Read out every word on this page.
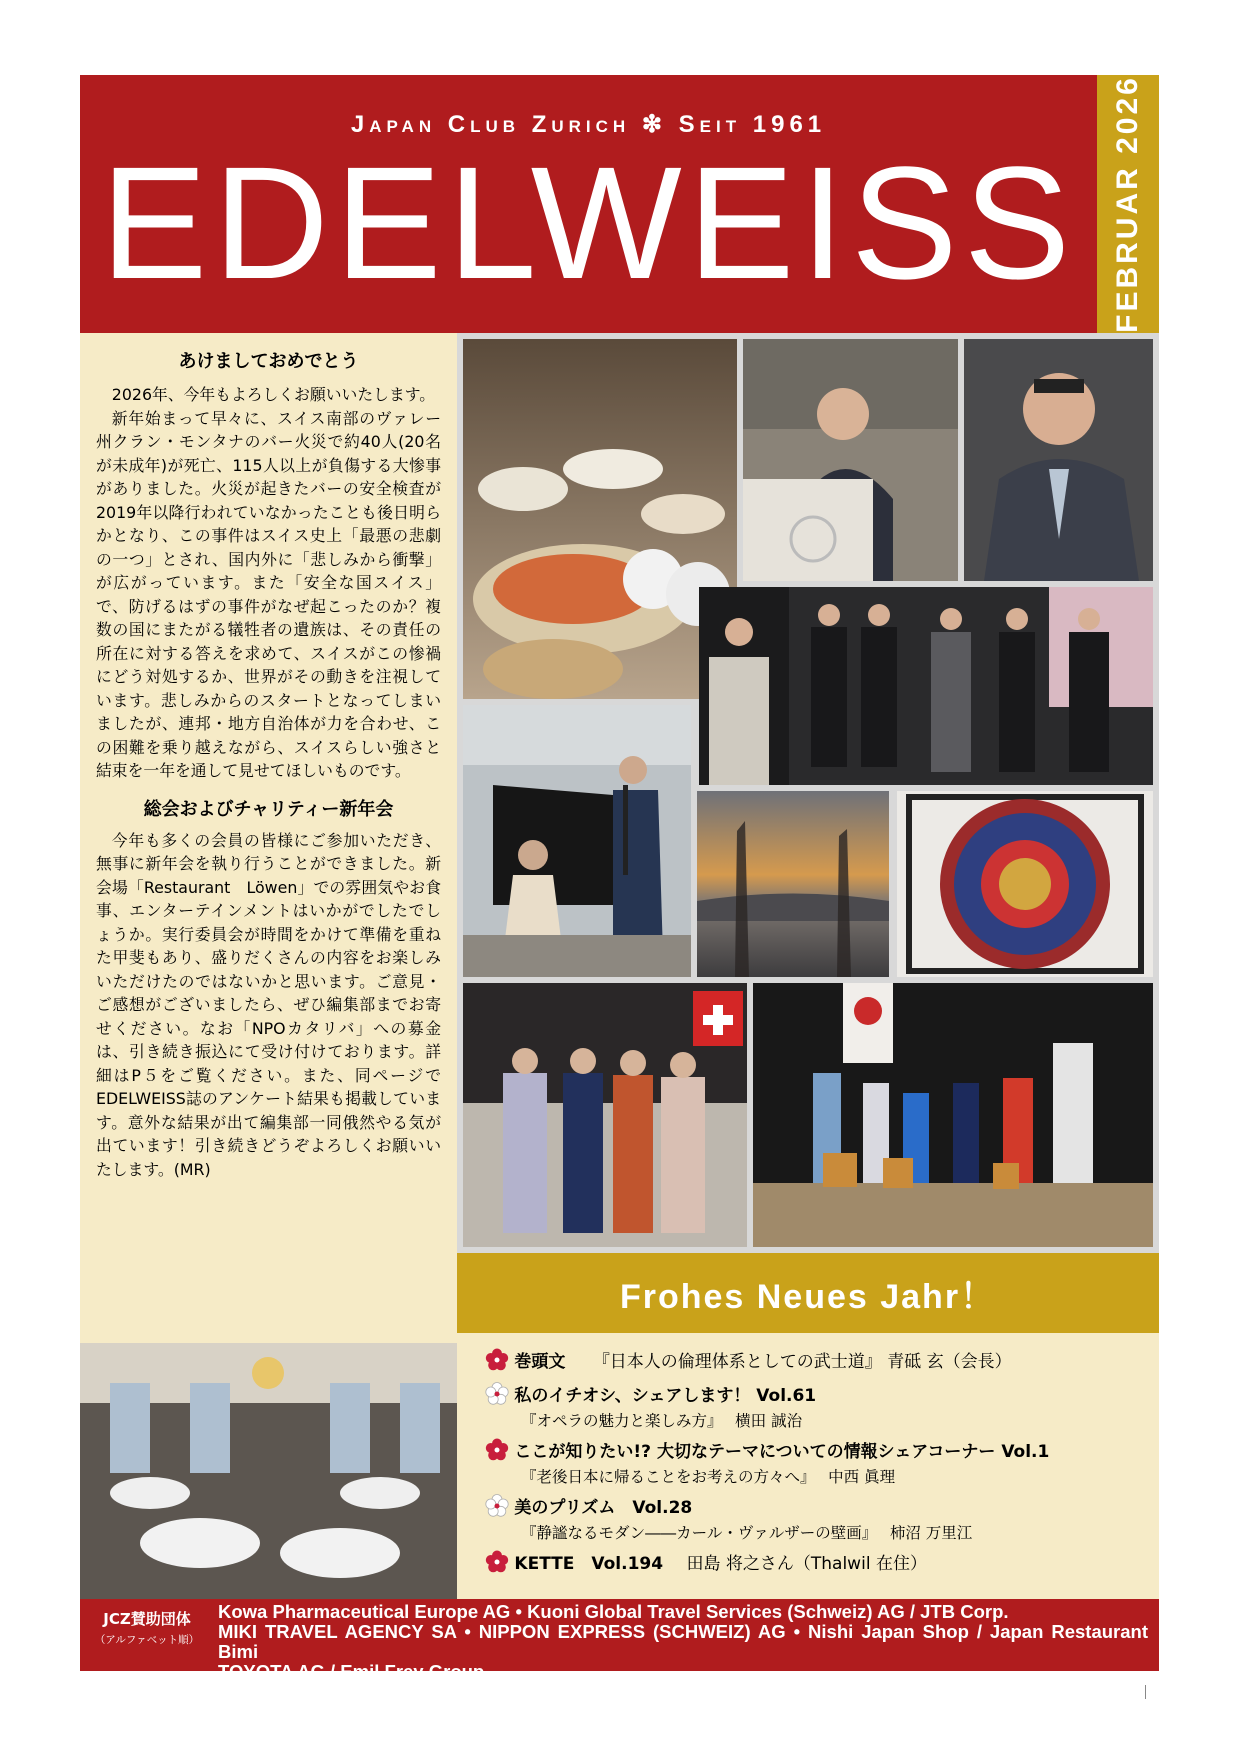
Japan Club Zurich ❇ Seit 1961
EDELWEISS	FEBRUAR 2026
あけましておめでとう

2026年、今年もよろしくお願いいたします。

新年始まって早々に、スイス南部のヴァレー州クラン・モンタナのバー火災で約40人(20名が未成年)が死亡、115人以上が負傷する大惨事がありました。火災が起きたバーの安全検査が2019年以降行われていなかったことも後日明らかとなり、この事件はスイス史上「最悪の悲劇の一つ」とされ、国内外に「悲しみから衝撃」が広がっています。また「安全な国スイス」で、防げるはずの事件がなぜ起こったのか？複数の国にまたがる犠牲者の遺族は、その責任の所在に対する答えを求めて、スイスがこの惨禍にどう対処するか、世界がその動きを注視しています。悲しみからのスタートとなってしまいましたが、連邦・地方自治体が力を合わせ、この困難を乗り越えながら、スイスらしい強さと結束を一年を通して見せてほしいものです。

総会およびチャリティー新年会

今年も多くの会員の皆様にご参加いただき、無事に新年会を執り行うことができました。新会場「Restaurant　Löwen」での雰囲気やお食事、エンターテインメントはいかがでしたでしょうか。実行委員会が時間をかけて準備を重ねた甲斐もあり、盛りだくさんの内容をお楽しみいただけたのではないかと思います。ご意見・ご感想がございましたら、ぜひ編集部までお寄せください。なお「NPOカタリバ」への募金は、引き続き振込にて受け付けております。詳細はP５をご覧ください。また、同ページでEDELWEISS誌のアンケート結果も掲載しています。意外な結果が出て編集部一同俄然やる気が出ています！引き続きどうぞよろしくお願いいたします。(MR)

Frohes Neues Jahr！
巻頭文 『日本人の倫理体系としての武士道』 青砥 玄（会長）
私のイチオシ、シェアします！ Vol.61
『オペラの魅力と楽しみ方』　 横田 誠治
ここが知りたい!? 大切なテーマについての情報シェアコーナー Vol.1
『老後日本に帰ることをお考えの方々へ』　 中西 眞理
美のプリズム　Vol.28
『静謐なるモダン――カール・ヴァルザーの壁画』　 柿沼 万里江
KETTE　Vol.194 田島 将之さん（Thalwil 在住）
JCZ賛助団体
（アルファベット順）
Kowa Pharmaceutical Europe AG • Kuoni Global Travel Services (Schweiz) AG / JTB Corp.
MIKI TRAVEL AGENCY SA • NIPPON EXPRESS (SCHWEIZ) AG • Nishi Japan Shop / Japan Restaurant Bimi
TOYOTA AG / Emil Frey Group
